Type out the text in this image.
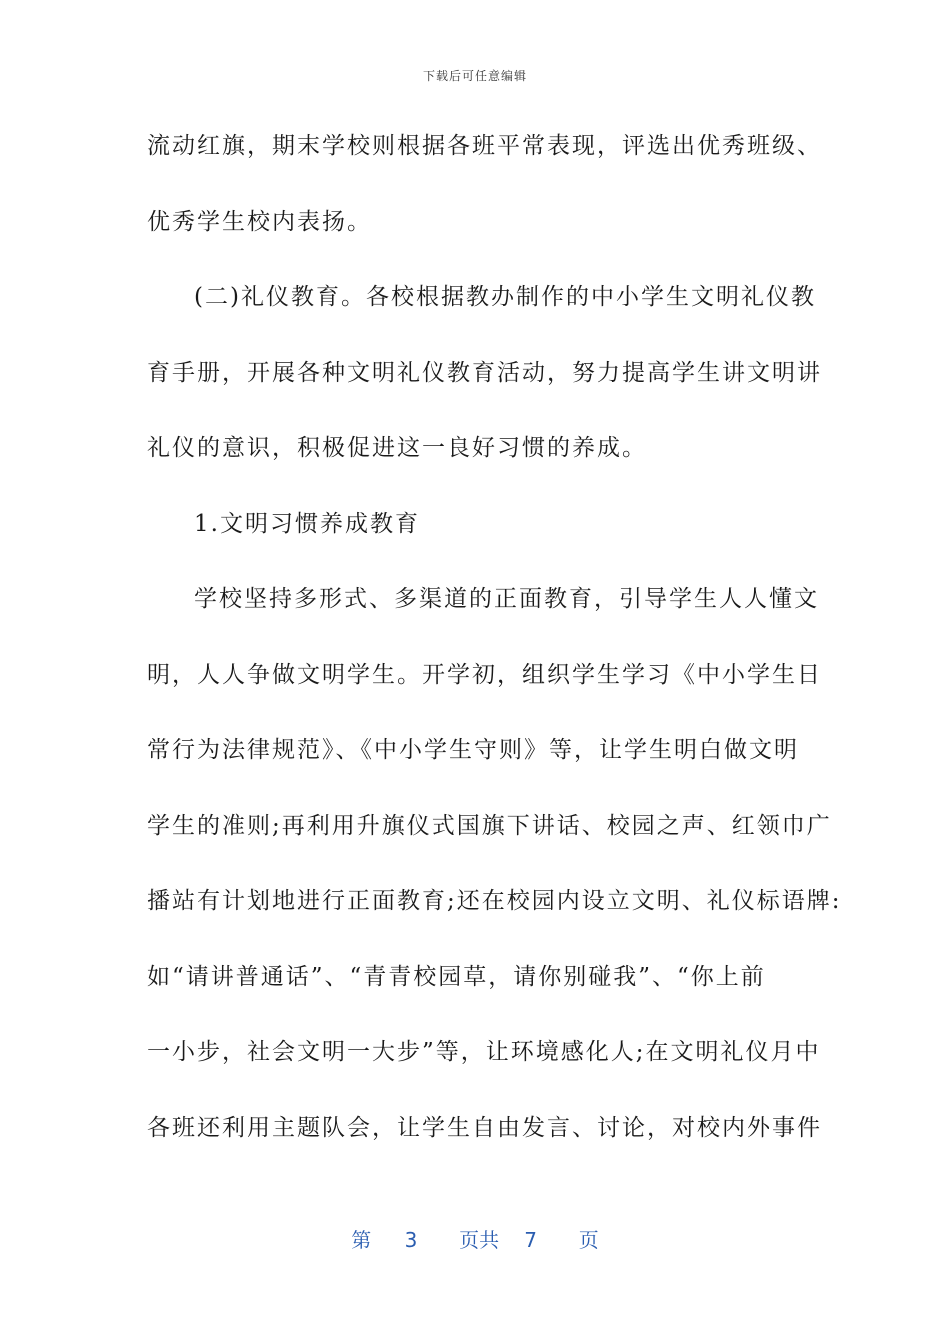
下载后可任意编辑
流动红旗，期末学校则根据各班平常表现，评选出优秀班级、
优秀学生校内表扬。
(二)礼仪教育。各校根据教办制作的中小学生文明礼仪教
育手册，开展各种文明礼仪教育活动，努力提高学生讲文明讲
礼仪的意识，积极促进这一良好习惯的养成。
1.文明习惯养成教育
学校坚持多形式、多渠道的正面教育，引导学生人人懂文
明，人人争做文明学生。开学初，组织学生学习《中小学生日
常行为法律规范》、《中小学生守则》等，让学生明白做文明
学生的准则;再利用升旗仪式国旗下讲话、校园之声、红领巾广
播站有计划地进行正面教育;还在校园内设立文明、礼仪标语牌:
如“请讲普通话”、“青青校园草，请你别碰我”、“你上前
一小步，社会文明一大步”等，让环境感化人;在文明礼仪月中
各班还利用主题队会，让学生自由发言、讨论，对校内外事件
第 3 页共 7 页
